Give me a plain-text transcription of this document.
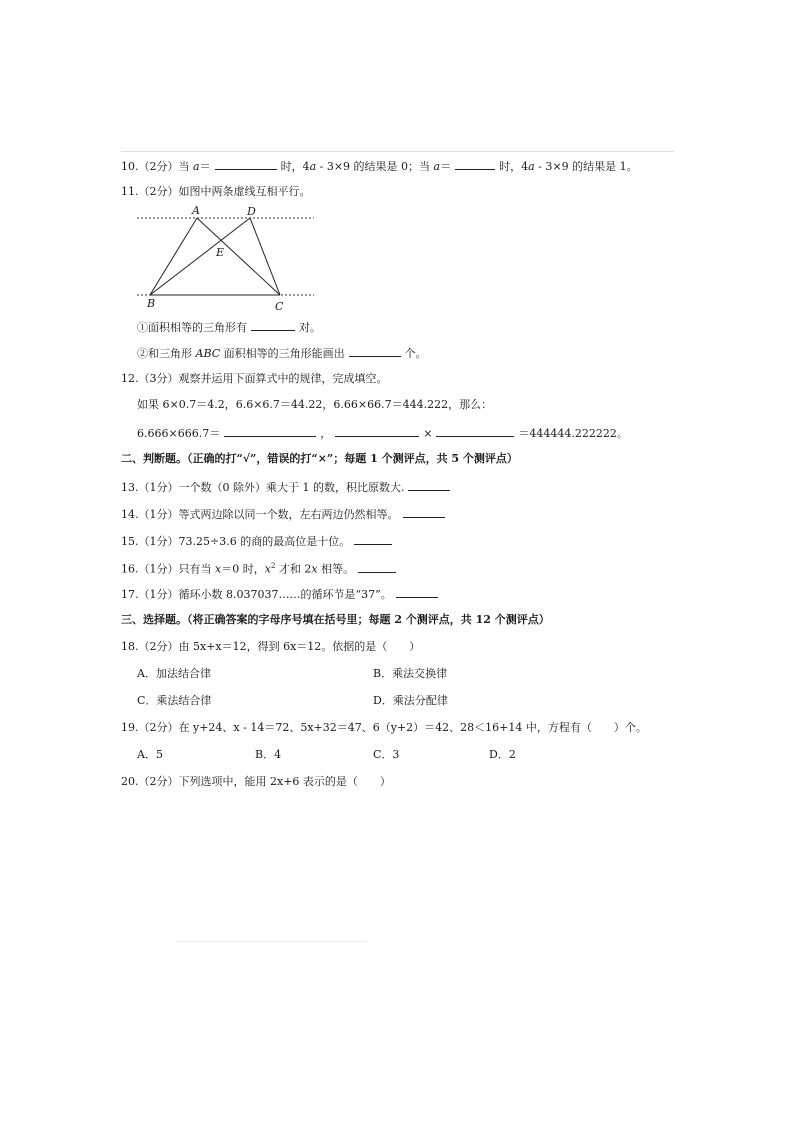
10.（2分）当 a＝	时，4a - 3×9 的结果是 0；当 a＝	时，4a - 3×9 的结果是 1。
11.（2分）如图中两条虚线互相平行。
A	D
E
B	C
①面积相等的三角形有	对。
②和三角形 ABC 面积相等的三角形能画出	个。
12.（3分）观察并运用下面算式中的规律，完成填空。
如果 6×0.7＝4.2，6.6×6.7＝44.22，6.66×66.7＝444.222，那么：
6.666×666.7＝	，	×	＝444444.222222。
二、判断题。（正确的打“√”，错误的打“×”；每题 1 个测评点，共 5 个测评点）
13.（1分）一个数（0 除外）乘大于 1 的数，积比原数大.
14.（1分）等式两边除以同一个数，左右两边仍然相等。
15.（1分）73.25÷3.6 的商的最高位是十位。
16.（1分）只有当 x＝0 时，$x^2$ 才和 2x 相等。
17.（1分）循环小数 8.037037……的循环节是“37”。
三、选择题。（将正确答案的字母序号填在括号里；每题 2 个测评点，共 12 个测评点）
18.（2分）由 5x+x＝12，得到 6x＝12。依据的是（　　）
A．加法结合律	B．乘法交换律
C．乘法结合律	D．乘法分配律
19.（2分）在 y+24、x - 14＝72、5x+32＝47、6（y+2）＝42、28＜16+14 中，方程有（　　）个。
A．5	B．4	C．3	D．2
20.（2分）下列选项中，能用 2x+6 表示的是（　　）
